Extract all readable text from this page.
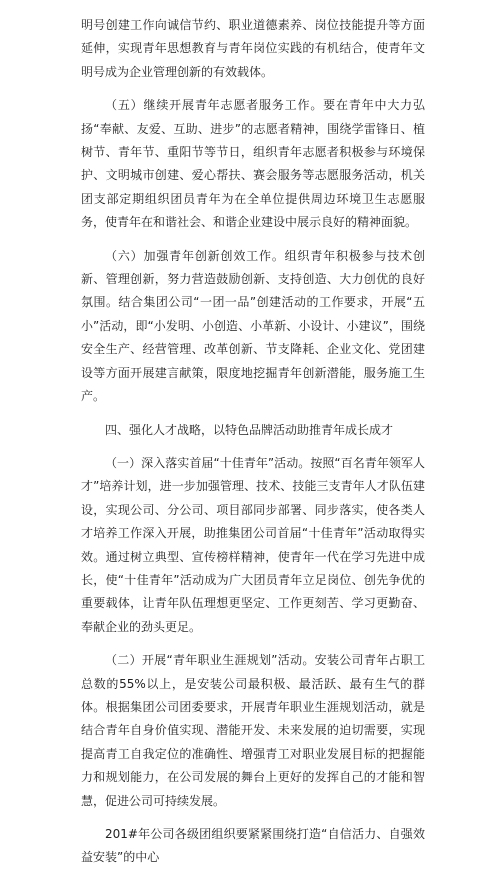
明号创建工作向诚信节约、职业道德素养、岗位技能提升等方面延伸，实现青年思想教育与青年岗位实践的有机结合，使青年文明号成为企业管理创新的有效载体。

（五）继续开展青年志愿者服务工作。要在青年中大力弘扬“奉献、友爱、互助、进步”的志愿者精神，围绕学雷锋日、植树节、青年节、重阳节等节日，组织青年志愿者积极参与环境保护、文明城市创建、爱心帮扶、赛会服务等志愿服务活动，机关团支部定期组织团员青年为在全单位提供周边环境卫生志愿服务，使青年在和谐社会、和谐企业建设中展示良好的精神面貌。

（六）加强青年创新创效工作。组织青年积极参与技术创新、管理创新，努力营造鼓励创新、支持创造、大力创优的良好氛围。结合集团公司“一团一品”创建活动的工作要求，开展“五小”活动，即“小发明、小创造、小革新、小设计、小建议”，围绕安全生产、经营管理、改革创新、节支降耗、企业文化、党团建设等方面开展建言献策，限度地挖掘青年创新潜能，服务施工生产。

四、强化人才战略，以特色品牌活动助推青年成长成才

（一）深入落实首届“十佳青年”活动。按照“百名青年领军人才”培养计划，进一步加强管理、技术、技能三支青年人才队伍建设，实现公司、分公司、项目部同步部署、同步落实，使各类人才培养工作深入开展，助推集团公司首届“十佳青年”活动取得实效。通过树立典型、宣传榜样精神，使青年一代在学习先进中成长，使“十佳青年”活动成为广大团员青年立足岗位、创先争优的重要载体，让青年队伍理想更坚定、工作更刻苦、学习更勤奋、奉献企业的劲头更足。

（二）开展“青年职业生涯规划”活动。安装公司青年占职工总数的55%以上，是安装公司最积极、最活跃、最有生气的群体。根据集团公司团委要求，开展青年职业生涯规划活动，就是结合青年自身价值实现、潜能开发、未来发展的迫切需要，实现提高青工自我定位的准确性、增强青工对职业发展目标的把握能力和规划能力，在公司发展的舞台上更好的发挥自己的才能和智慧，促进公司可持续发展。

201#年公司各级团组织要紧紧围绕打造“自信活力、自强效益安装”的中心
